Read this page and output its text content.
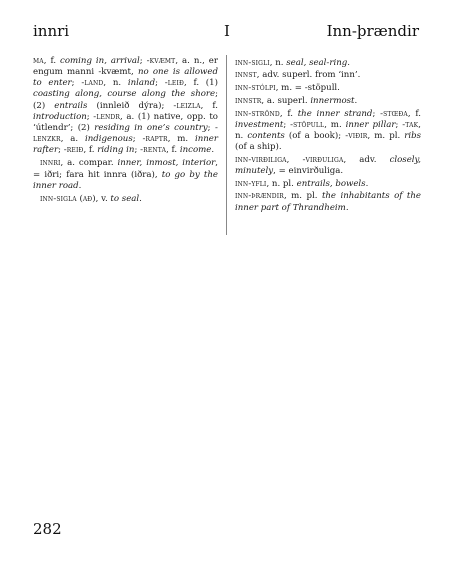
innri	I	Inn-þrændir

ma, f. coming in, arrival; -kvæmt, a. n., er engum manni -kvæmt, no one is allowed to enter; -land, n. inland; -leið, f. (1) coasting along, course along the shore; (2) entrails (innleið dýra); -leizla, f. introduction; -lendr, a. (1) native, opp. to ‘útlendr’; (2) residing in one’s country; -lenzkr, a. indigenous; -raptr, m. inner rafter; -reið, f. riding in; -renta, f. income.

innri, a. compar. inner, inmost, interior, = iðri; fara hit innra (iðra), to go by the inner road.

inn-sigla (að), v. to seal.

inn-sigli, n. seal, seal-ring.

innst, adv. superl. from ‘inn’.

inn-stólpi, m. = -stöpull.

innstr, a. superl. innermost.

inn-strönd, f. the inner strand; -stœða, f. investment; -stöpull, m. inner pillar; -tak, n. contents (of a book); -viðir, m. pl. ribs (of a ship).

inn-virðiliga, -virðuliga, adv. closely, minutely, = einvirðuliga.

inn-yfli, n. pl. entrails, bowels.

inn-þrændir, m. pl. the inhabitants of the inner part of Thrandheim.

282
